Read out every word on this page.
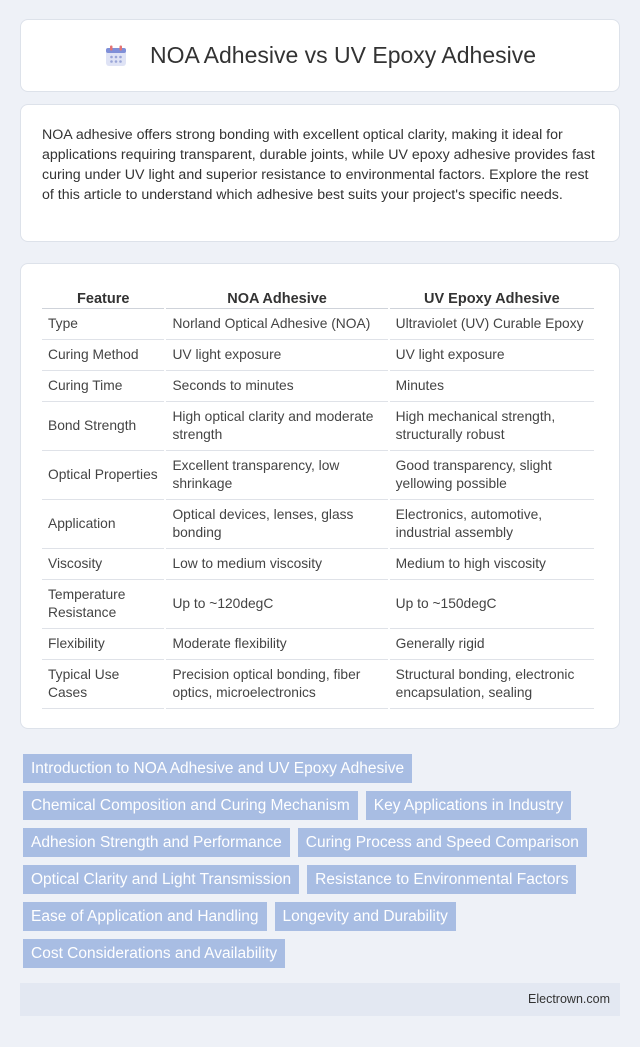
NOA Adhesive vs UV Epoxy Adhesive

NOA adhesive offers strong bonding with excellent optical clarity, making it ideal for applications requiring transparent, durable joints, while UV epoxy adhesive provides fast curing under UV light and superior resistance to environmental factors. Explore the rest of this article to understand which adhesive best suits your project's specific needs.

Feature	NOA Adhesive	UV Epoxy Adhesive
Type	Norland Optical Adhesive (NOA)	Ultraviolet (UV) Curable Epoxy
Curing Method	UV light exposure	UV light exposure
Curing Time	Seconds to minutes	Minutes
Bond Strength	High optical clarity and moderate strength	High mechanical strength, structurally robust
Optical Properties	Excellent transparency, low shrinkage	Good transparency, slight yellowing possible
Application	Optical devices, lenses, glass bonding	Electronics, automotive, industrial assembly
Viscosity	Low to medium viscosity	Medium to high viscosity
Temperature Resistance	Up to ~120degC	Up to ~150degC
Flexibility	Moderate flexibility	Generally rigid
Typical Use Cases	Precision optical bonding, fiber optics, microelectronics	Structural bonding, electronic encapsulation, sealing
Introduction to NOA Adhesive and UV Epoxy Adhesive
Chemical Composition and Curing Mechanism	Key Applications in Industry
Adhesion Strength and Performance	Curing Process and Speed Comparison
Optical Clarity and Light Transmission	Resistance to Environmental Factors
Ease of Application and Handling	Longevity and Durability
Cost Considerations and Availability
Electrown.com
